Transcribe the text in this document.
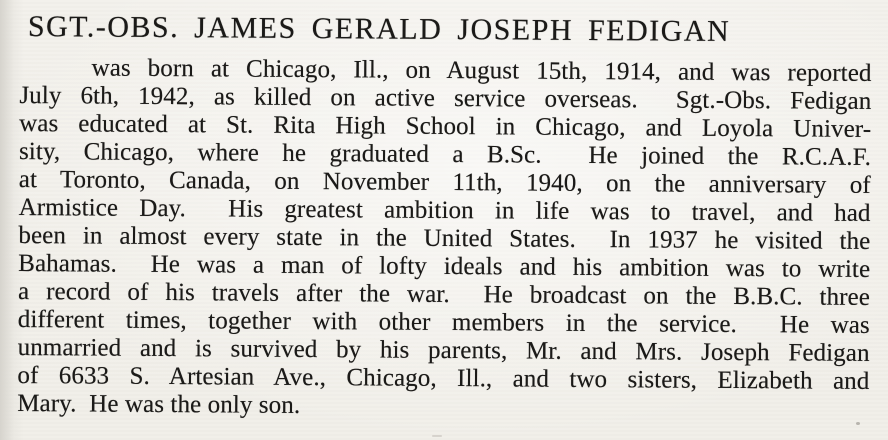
SGT.-OBS. JAMES GERALD JOSEPH FEDIGAN
was born at Chicago, Ill., on August 15th, 1914, and was reported
July 6th, 1942, as killed on active service overseas.  Sgt.-Obs. Fedigan
was educated at St. Rita High School in Chicago, and Loyola Univer-
sity, Chicago, where he graduated a B.Sc.  He joined the R.C.A.F.
at Toronto, Canada, on November 11th, 1940, on the anniversary of
Armistice Day.  His greatest ambition in life was to travel, and had
been in almost every state in the United States.  In 1937 he visited the
Bahamas.  He was a man of lofty ideals and his ambition was to write
a record of his travels after the war.  He broadcast on the B.B.C. three
different times, together with other members in the service.  He was
unmarried and is survived by his parents, Mr. and Mrs. Joseph Fedigan
of 6633 S. Artesian Ave., Chicago, Ill., and two sisters, Elizabeth and
Mary.  He was the only son.
